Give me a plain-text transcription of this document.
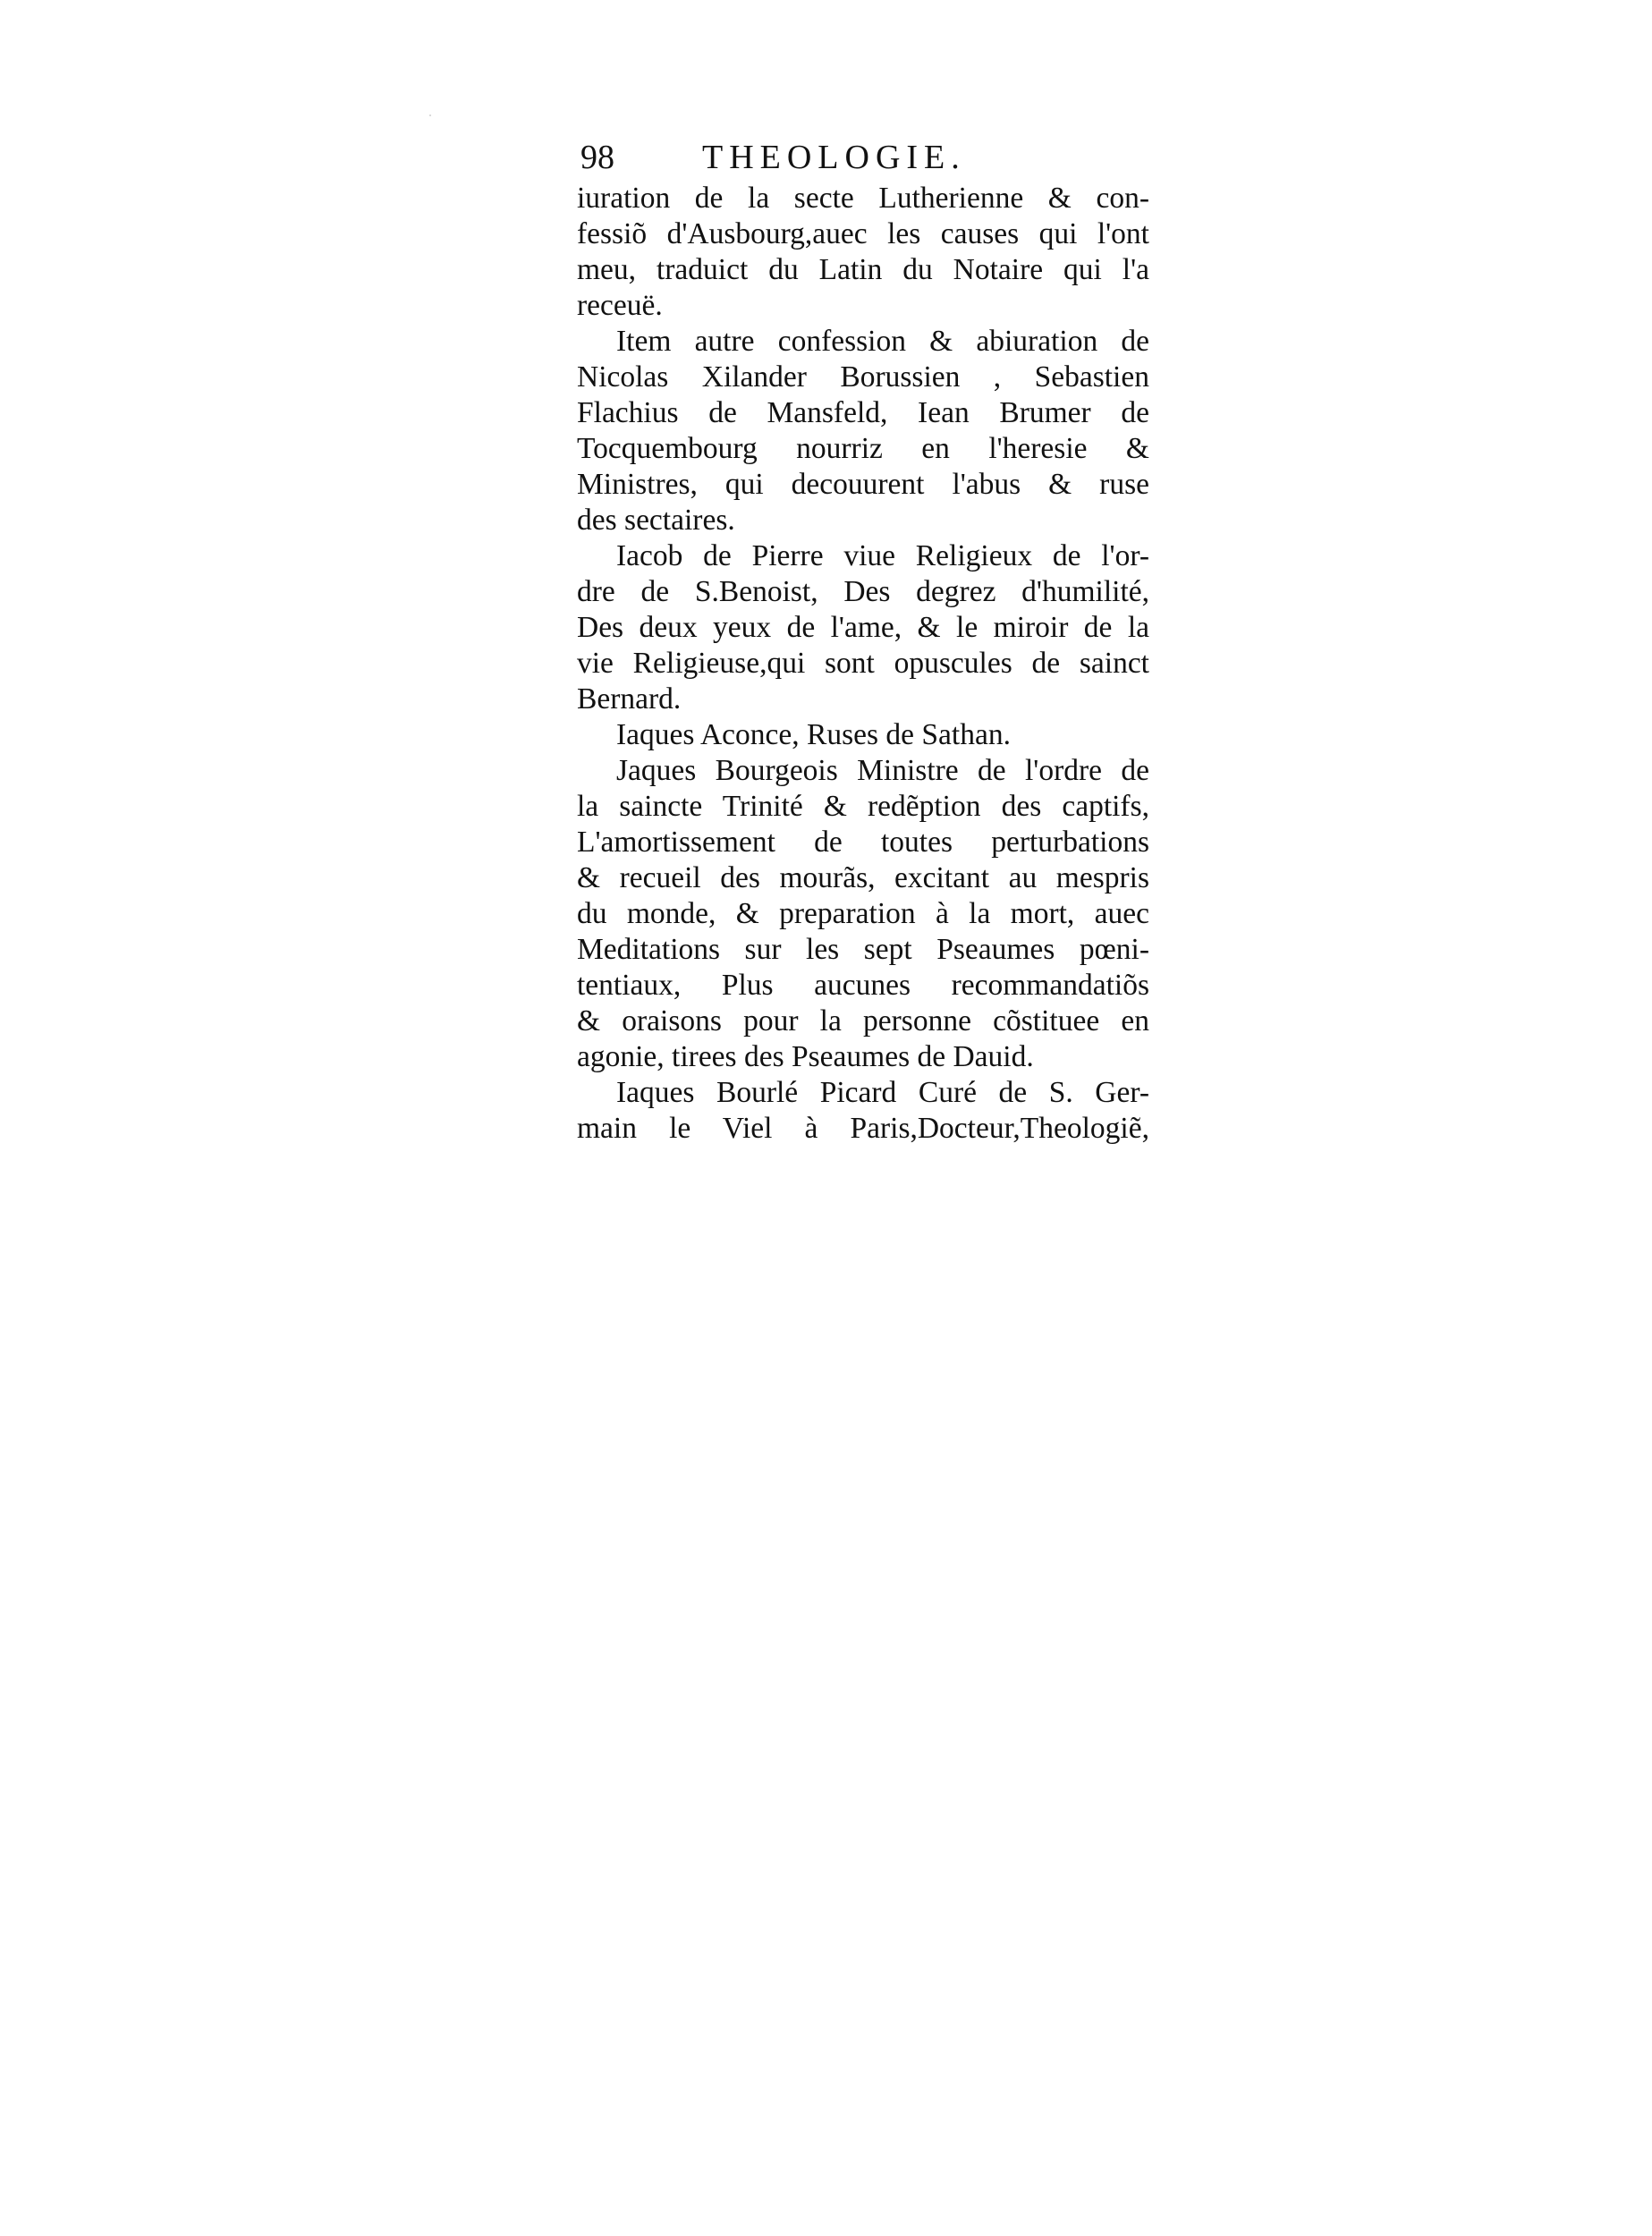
98	THEOLOGIE.
iuration de la secte Lutherienne & con-
fessiõ d'Ausbourg,auec les causes qui l'ont
meu, traduict du Latin du Notaire qui l'a
receuë.
Item autre confession & abiuration de
Nicolas Xilander Borussien , Sebastien
Flachius de Mansfeld, Iean Brumer de
Tocquembourg nourriz en l'heresie &
Ministres, qui decouurent l'abus & ruse
des sectaires.
Iacob de Pierre viue Religieux de l'or-
dre de S.Benoist, Des degrez d'humilité,
Des deux yeux de l'ame, & le miroir de la
vie Religieuse,qui sont opuscules de sainct
Bernard.
Iaques Aconce, Ruses de Sathan.
Jaques Bourgeois Ministre de l'ordre de
la saincte Trinité & redẽption des captifs,
L'amortissement de toutes perturbations
& recueil des mourãs, excitant au mespris
du monde, & preparation à la mort, auec
Meditations sur les sept Pseaumes pœni-
tentiaux, Plus aucunes recommandatiõs
& oraisons pour la personne cõstituee en
agonie, tirees des Pseaumes de Dauid.
Iaques Bourlé Picard Curé de S. Ger-
main le Viel à Paris,Docteur,Theologiẽ,
